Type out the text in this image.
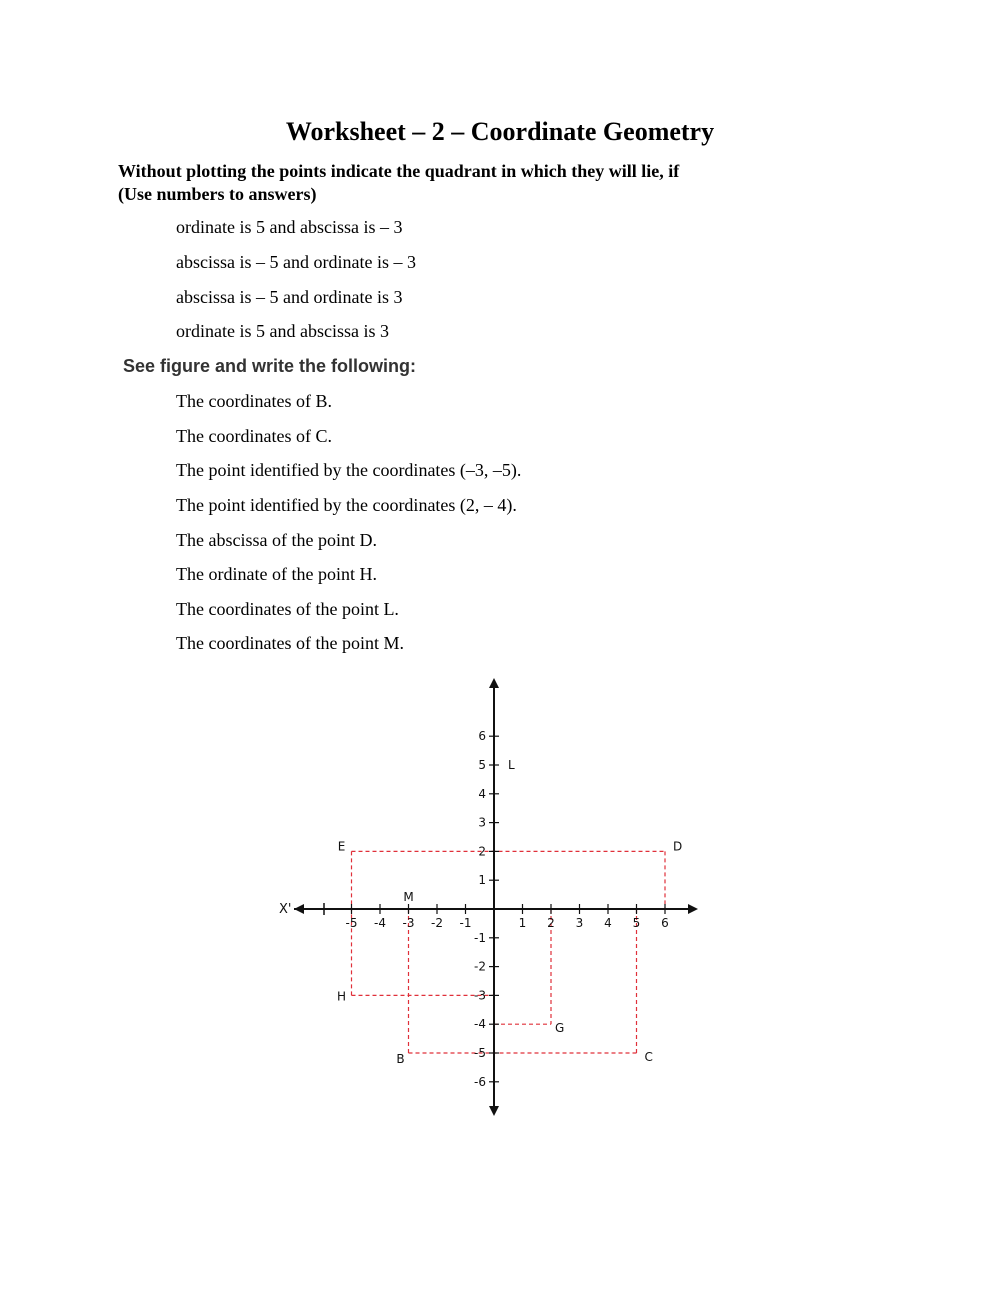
Worksheet – 2 – Coordinate Geometry
Without plotting the points indicate the quadrant in which they will lie, if
(Use numbers to answers)
ordinate is 5 and abscissa is – 3
abscissa is – 5 and ordinate is – 3
abscissa is – 5 and ordinate is 3
ordinate is 5 and abscissa is 3
See figure and write the following:
The coordinates of B.
The coordinates of C.
The point identified by the coordinates (–3, –5).
The point identified by the coordinates (2, – 4).
The abscissa of the point D.
The ordinate of the point H.
The coordinates of the point L.
The coordinates of the point M.
-5 -4 -3 -2 -1	1 2 3 4 5 6
6
5
4
3
2
1
-1
-2
-3
-4
-5
-6
X'
L
E	D
M
H
G
B	C
